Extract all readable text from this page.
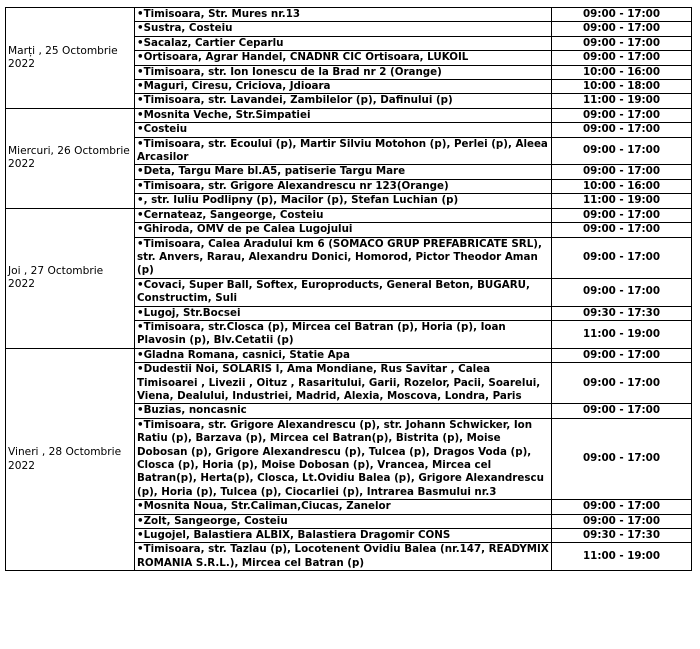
Marți , 25 Octombrie 2022	•Timisoara, Str. Mures nr.13	09:00 - 17:00
	•Sustra, Costeiu	09:00 - 17:00
	•Sacalaz, Cartier Ceparlu	09:00 - 17:00
	•Ortisoara, Agrar Handel, CNADNR CIC Ortisoara, LUKOIL	09:00 - 17:00
	•Timisoara, str. Ion Ionescu de la Brad nr 2 (Orange)	10:00 - 16:00
	•Maguri, Ciresu, Criciova, Jdioara	10:00 - 18:00
	•Timisoara, str. Lavandei, Zambilelor (p), Dafinului (p)	11:00 - 19:00
Miercuri, 26 Octombrie 2022	•Mosnita Veche, Str.Simpatiei	09:00 - 17:00
	•Costeiu	09:00 - 17:00
	•Timisoara, str. Ecoului (p), Martir Silviu Motohon (p), Perlei (p), Aleea Arcasilor	09:00 - 17:00
	•Deta, Targu Mare bl.A5, patiserie Targu Mare	09:00 - 17:00
	•Timisoara, str. Grigore Alexandrescu nr 123(Orange)	10:00 - 16:00
	•, str. Iuliu Podlipny (p), Macilor (p), Stefan Luchian (p)	11:00 - 19:00
Joi , 27 Octombrie 2022	•Cernateaz, Sangeorge, Costeiu	09:00 - 17:00
	•Ghiroda, OMV de pe Calea Lugojului	09:00 - 17:00
	•Timisoara, Calea Aradului km 6 (SOMACO GRUP PREFABRICATE SRL), str. Anvers, Rarau, Alexandru Donici, Homorod, Pictor Theodor Aman (p)	09:00 - 17:00
	•Covaci, Super Ball, Softex, Europroducts, General Beton, BUGARU, Constructim, Suli	09:00 - 17:00
	•Lugoj, Str.Bocsei	09:30 - 17:30
	•Timisoara, str.Closca (p), Mircea cel Batran (p), Horia (p), Ioan Plavosin (p), Blv.Cetatii (p)	11:00 - 19:00
Vineri , 28 Octombrie 2022	•Gladna Romana, casnici, Statie Apa	09:00 - 17:00
	•Dudestii Noi, SOLARIS I, Ama Mondiane, Rus Savitar , Calea Timisoarei , Livezii , Oituz , Rasaritului, Garii, Rozelor, Pacii, Soarelui, Viena, Dealului, Industriei, Madrid, Alexia, Moscova, Londra, Paris	09:00 - 17:00
	•Buzias, noncasnic	09:00 - 17:00
	•Timisoara, str. Grigore Alexandrescu (p), str. Johann Schwicker, Ion Ratiu (p), Barzava (p), Mircea cel Batran(p), Bistrita (p), Moise Dobosan (p), Grigore Alexandrescu (p), Tulcea (p), Dragos Voda (p), Closca (p), Horia (p), Moise Dobosan (p), Vrancea, Mircea cel Batran(p), Herta(p), Closca, Lt.Ovidiu Balea (p), Grigore Alexandrescu (p), Horia (p), Tulcea (p), Ciocarliei (p), Intrarea Basmului nr.3	09:00 - 17:00
	•Mosnita Noua, Str.Caliman,Ciucas, Zanelor	09:00 - 17:00
	•Zolt, Sangeorge, Costeiu	09:00 - 17:00
	•Lugojel, Balastiera ALBIX, Balastiera Dragomir CONS	09:30 - 17:30
	•Timisoara, str. Tazlau (p), Locotenent Ovidiu Balea (nr.147, READYMIX ROMANIA S.R.L.), Mircea cel Batran (p)	11:00 - 19:00
